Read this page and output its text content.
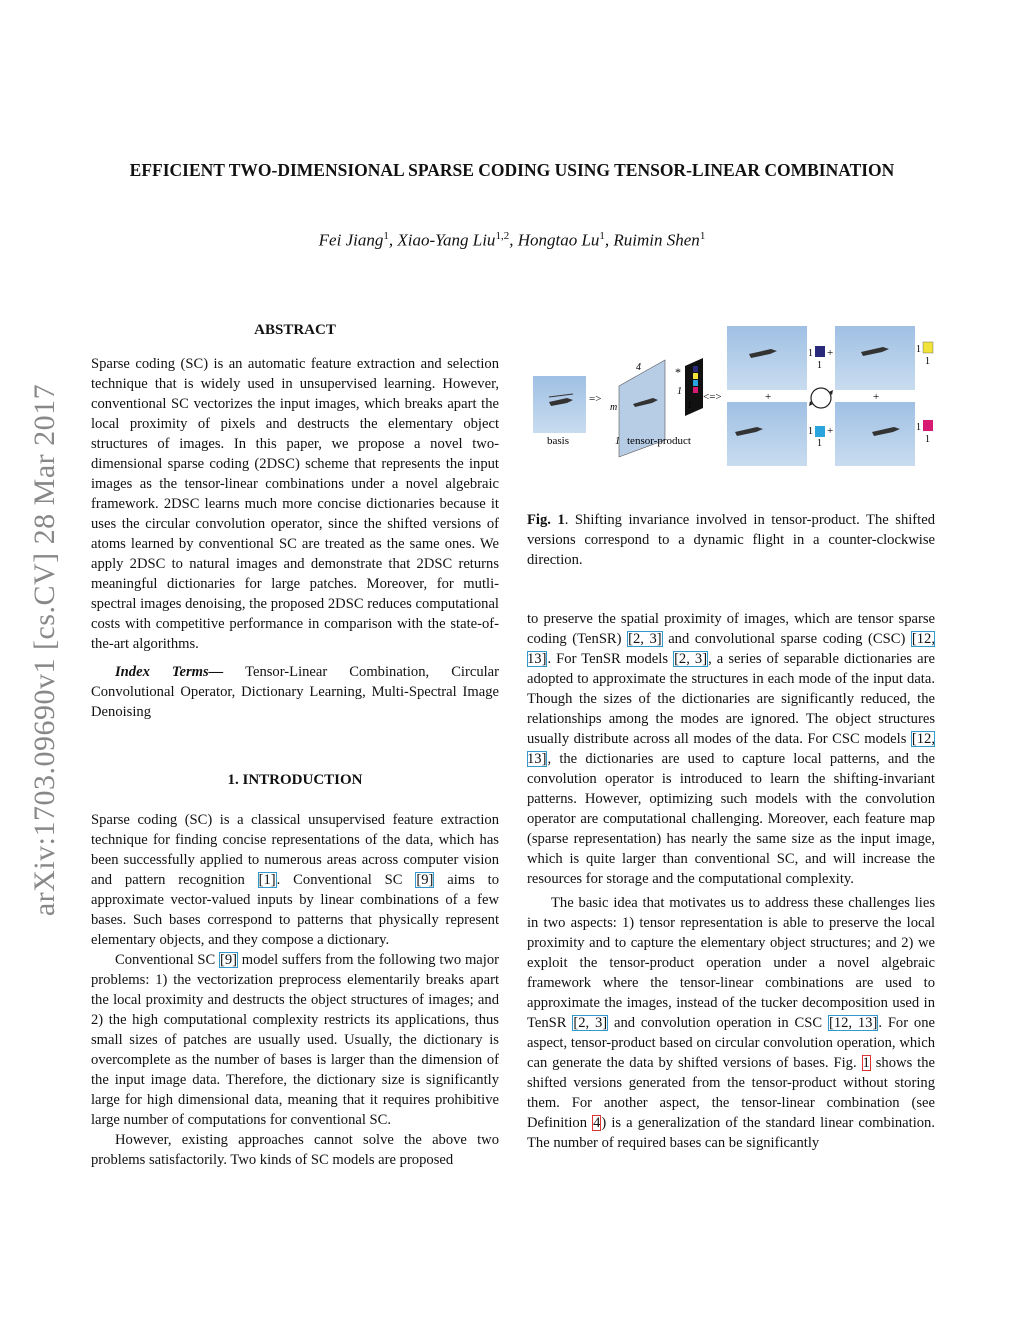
arXiv:1703.09690v1 [cs.CV] 28 Mar 2017
EFFICIENT TWO-DIMENSIONAL SPARSE CODING USING TENSOR-LINEAR COMBINATION
Fei Jiang$^1$, Xiao-Yang Liu$^{1,2}$, Hongtao Lu$^1$, Ruimin Shen$^1$
ABSTRACT

Sparse coding (SC) is an automatic feature extraction and selection technique that is widely used in unsupervised learning. However, conventional SC vectorizes the input images, which breaks apart the local proximity of pixels and destructs the elementary object structures of images. In this paper, we propose a novel two-dimensional sparse coding (2DSC) scheme that represents the input images as the tensor-linear combinations under a novel algebraic framework. 2DSC learns much more concise dictionaries because it uses the circular convolution operator, since the shifted versions of atoms learned by conventional SC are treated as the same ones. We apply 2DSC to natural images and demonstrate that 2DSC returns meaningful dictionaries for large patches. Moreover, for mutli-spectral images denoising, the proposed 2DSC reduces computational costs with competitive performance in comparison with the state-of-the-art algorithms.

Index Terms— Tensor-Linear Combination, Circular Convolutional Operator, Dictionary Learning, Multi-Spectral Image Denoising

1. INTRODUCTION

Sparse coding (SC) is a classical unsupervised feature extraction technique for finding concise representations of the data, which has been successfully applied to numerous areas across computer vision and pattern recognition [1]. Conventional SC [9] aims to approximate vector-valued inputs by linear combinations of a few bases. Such bases correspond to patterns that physically represent elementary objects, and they compose a dictionary.

Conventional SC [9] model suffers from the following two major problems: 1) the vectorization preprocess elementarily breaks apart the local proximity and destructs the object structures of images; and 2) the high computational complexity restricts its applications, thus small sizes of patches are usually used. Usually, the dictionary is overcomplete as the number of bases is larger than the dimension of the input image data. Therefore, the dictionary size is significantly large for high dimensional data, meaning that it requires prohibitive large number of computations for conventional SC.

However, existing approaches cannot solve the above two problems satisfactorily. Two kinds of SC models are proposed

basis
=>
4
m
1 tensor-product
*
1
1
<=>
1
1
1
1
1
1
1
1
+
+	+
+
Fig. 1. Shifting invariance involved in tensor-product. The shifted versions correspond to a dynamic flight in a counter-clockwise direction.

to preserve the spatial proximity of images, which are tensor sparse coding (TenSR) [2, 3] and convolutional sparse coding (CSC) [12, 13]. For TenSR models [2, 3], a series of separable dictionaries are adopted to approximate the structures in each mode of the input data. Though the sizes of the dictionaries are significantly reduced, the relationships among the modes are ignored. The object structures usually distribute across all modes of the data. For CSC models [12, 13], the dictionaries are used to capture local patterns, and the convolution operator is introduced to learn the shifting-invariant patterns. However, optimizing such models with the convolution operator are computational challenging. Moreover, each feature map (sparse representation) has nearly the same size as the input image, which is quite larger than conventional SC, and will increase the resources for storage and the computational complexity.

The basic idea that motivates us to address these challenges lies in two aspects: 1) tensor representation is able to preserve the local proximity and to capture the elementary object structures; and 2) we exploit the tensor-product operation under a novel algebraic framework where the tensor-linear combinations are used to approximate the images, instead of the tucker decomposition used in TenSR [2, 3] and convolution operation in CSC [12, 13]. For one aspect, tensor-product based on circular convolution operation, which can generate the data by shifted versions of bases. Fig. 1 shows the shifted versions generated from the tensor-product without storing them. For another aspect, the tensor-linear combination (see Definition 4) is a generalization of the standard linear combination. The number of required bases can be significantly
